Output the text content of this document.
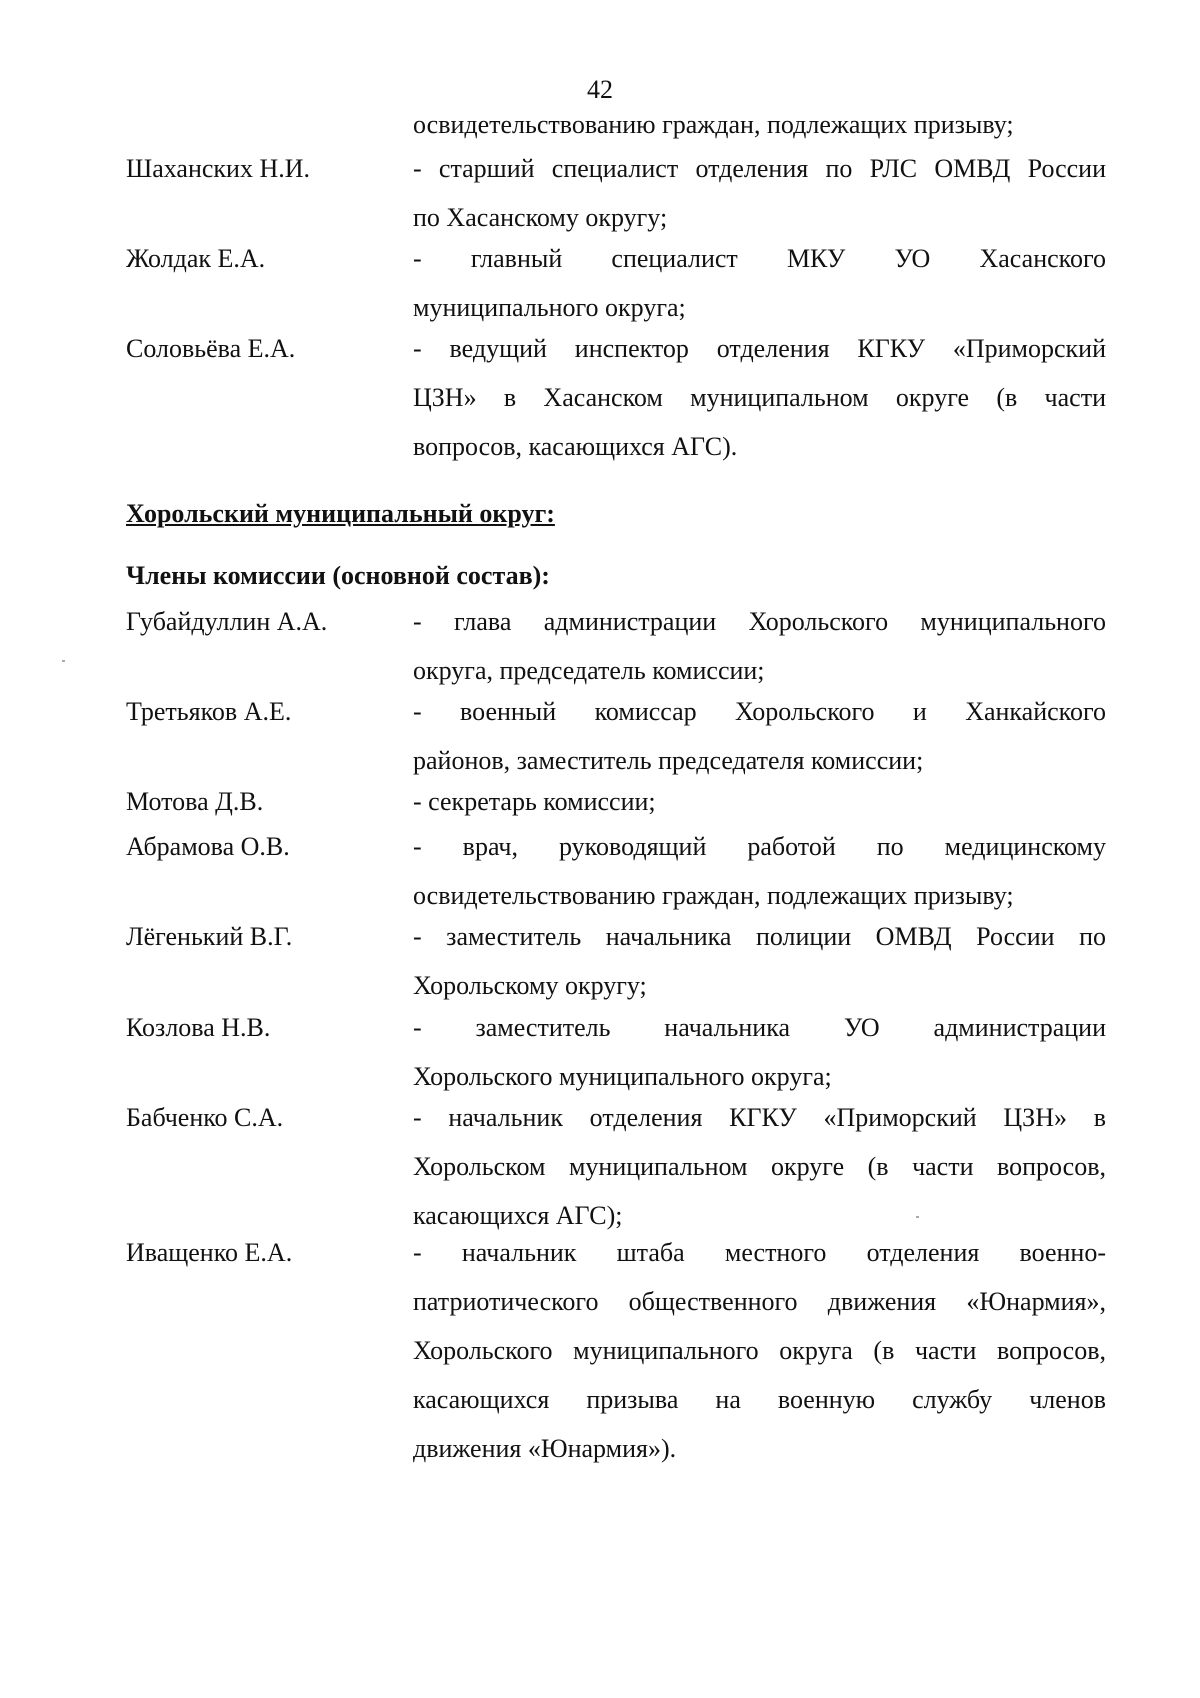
42
освидетельствованию граждан, подлежащих призыву;
Шаханских Н.И.	- старший специалист отделения по РЛС ОМВД России
по Хасанскому округу;
Жолдак Е.А.	- главный специалист МКУ УО Хасанского
муниципального округа;
Соловьёва Е.А.	- ведущий инспектор отделения КГКУ «Приморский
ЦЗН» в Хасанском муниципальном округе (в части
вопросов, касающихся АГС).
Хорольский муниципальный округ:
Члены комиссии (основной состав):
Губайдуллин А.А.	- глава администрации Хорольского муниципального
округа, председатель комиссии;
Третьяков А.Е.	- военный комиссар Хорольского и Ханкайского
районов, заместитель председателя комиссии;
Мотова Д.В.	- секретарь комиссии;
Абрамова О.В.	- врач, руководящий работой по медицинскому
освидетельствованию граждан, подлежащих призыву;
Лёгенький В.Г.	- заместитель начальника полиции ОМВД России по
Хорольскому округу;
Козлова Н.В.	- заместитель начальника УО администрации
Хорольского муниципального округа;
Бабченко С.А.	- начальник отделения КГКУ «Приморский ЦЗН» в
Хорольском муниципальном округе (в части вопросов,
касающихся АГС);
Иващенко Е.А.	- начальник штаба местного отделения военно-
патриотического общественного движения «Юнармия»,
Хорольского муниципального округа (в части вопросов,
касающихся призыва на военную службу членов
движения «Юнармия»).
